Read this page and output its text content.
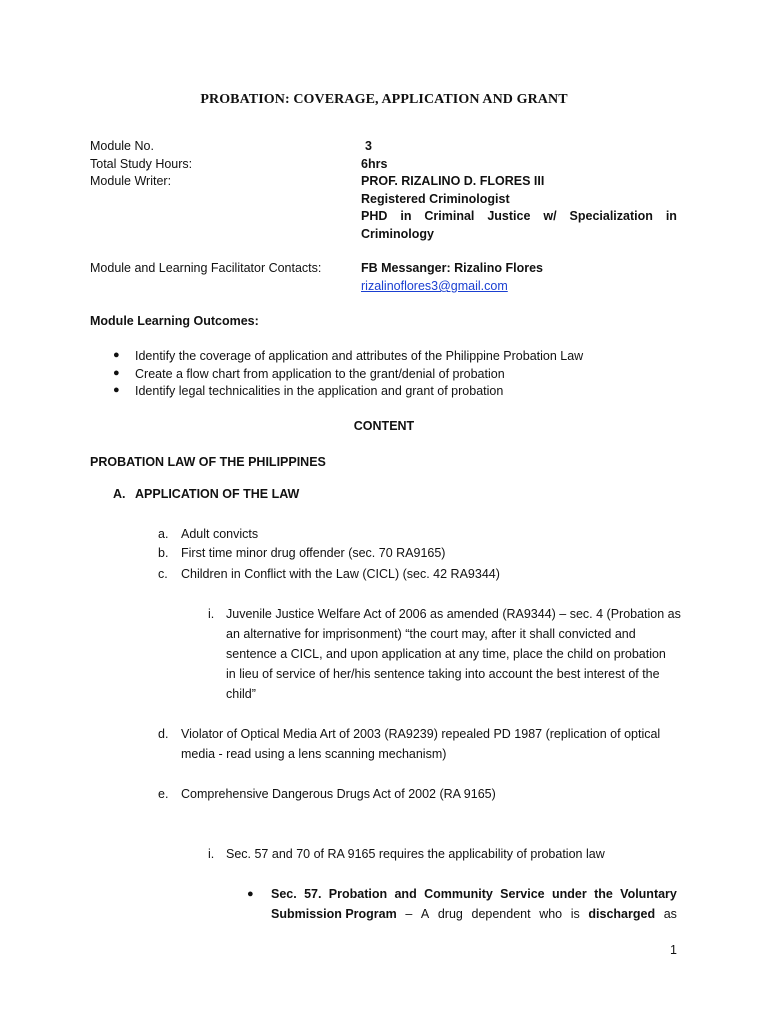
PROBATION: COVERAGE, APPLICATION AND GRANT
Module No.	3
Total Study Hours:	6hrs
Module Writer:	PROF. RIZALINO D. FLORES III
Registered Criminologist
PHD in Criminal Justice w/ Specialization in
Criminology
Module and Learning Facilitator Contacts:	FB Messanger: Rizalino Flores
rizalinoflores3@gmail.com
Module Learning Outcomes:
● Identify the coverage of application and attributes of the Philippine Probation Law
● Create a flow chart from application to the grant/denial of probation
● Identify legal technicalities in the application and grant of probation
CONTENT
PROBATION LAW OF THE PHILIPPINES
A. APPLICATION OF THE LAW
a. Adult convicts
b. First time minor drug offender (sec. 70 RA9165)
c. Children in Conflict with the Law (CICL) (sec. 42 RA9344)
i. Juvenile Justice Welfare Act of 2006 as amended (RA9344) – sec. 4 (Probation as
an alternative for imprisonment) “the court may, after it shall convicted and
sentence a CICL, and upon application at any time, place the child on probation
in lieu of service of her/his sentence taking into account the best interest of the
child”
d. Violator of Optical Media Art of 2003 (RA9239) repealed PD 1987 (replication of optical
media - read using a lens scanning mechanism)
e. Comprehensive Dangerous Drugs Act of 2002 (RA 9165)
i. Sec. 57 and 70 of RA 9165 requires the applicability of probation law
● Sec. 57. Probation and Community Service under the Voluntary
Submission Program – A drug dependent who is discharged as
1
